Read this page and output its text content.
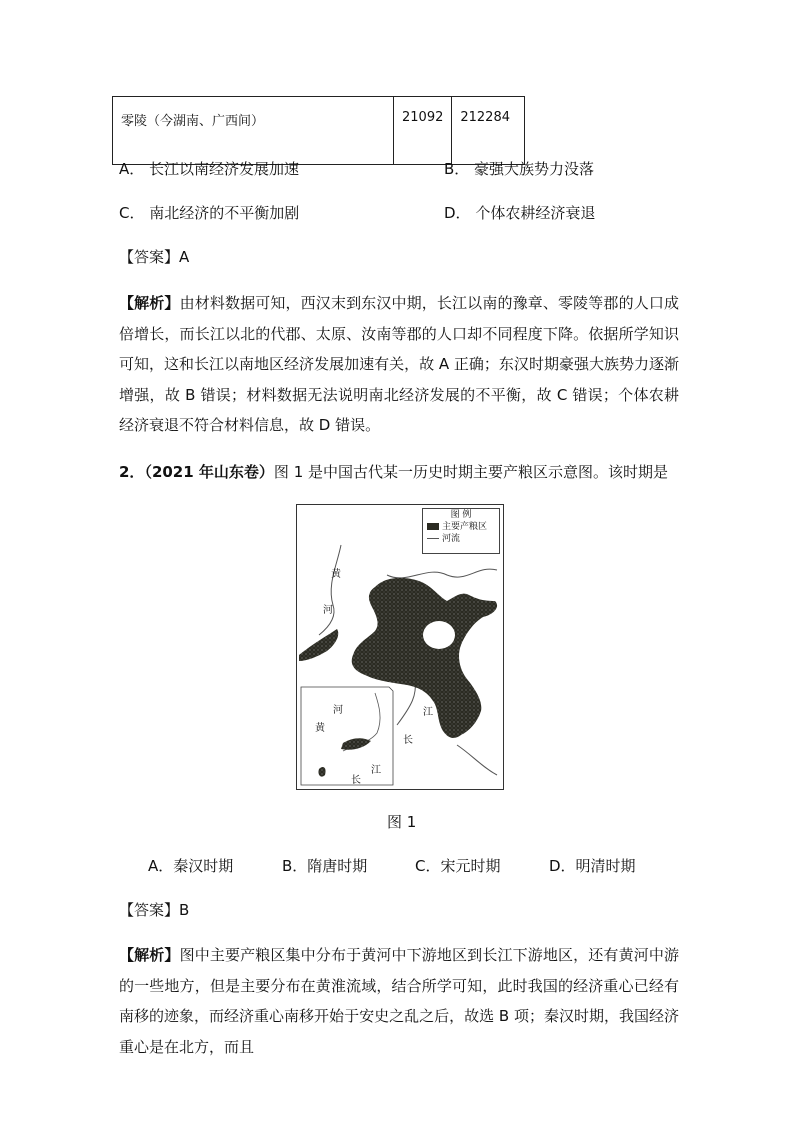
零陵（今湖南、广西间）	21092	212284
A． 长江以南经济发展加速	B． 豪强大族势力没落
C． 南北经济的不平衡加剧	D． 个体农耕经济衰退
【答案】A
【解析】由材料数据可知，西汉末到东汉中期，长江以南的豫章、零陵等郡的人口成倍增长，而长江以北的代郡、太原、汝南等郡的人口却不同程度下降。依据所学知识可知，这和长江以南地区经济发展加速有关，故 A 正确；东汉时期豪强大族势力逐渐增强，故 B 错误；材料数据无法说明南北经济发展的不平衡，故 C 错误；个体农耕经济衰退不符合材料信息，故 D 错误。
2．（2021 年山东卷）图 1 是中国古代某一历史时期主要产粮区示意图。该时期是
图 例
主要产粮区
河流
黄
河
黄
河	江
长
长
江
图 1
A．秦汉时期	B．隋唐时期	C．宋元时期	D．明清时期
【答案】B
【解析】图中主要产粮区集中分布于黄河中下游地区到长江下游地区，还有黄河中游的一些地方，但是主要分布在黄淮流域，结合所学可知，此时我国的经济重心已经有南移的迹象，而经济重心南移开始于安史之乱之后，故选 B 项；秦汉时期，我国经济重心是在北方，而且
